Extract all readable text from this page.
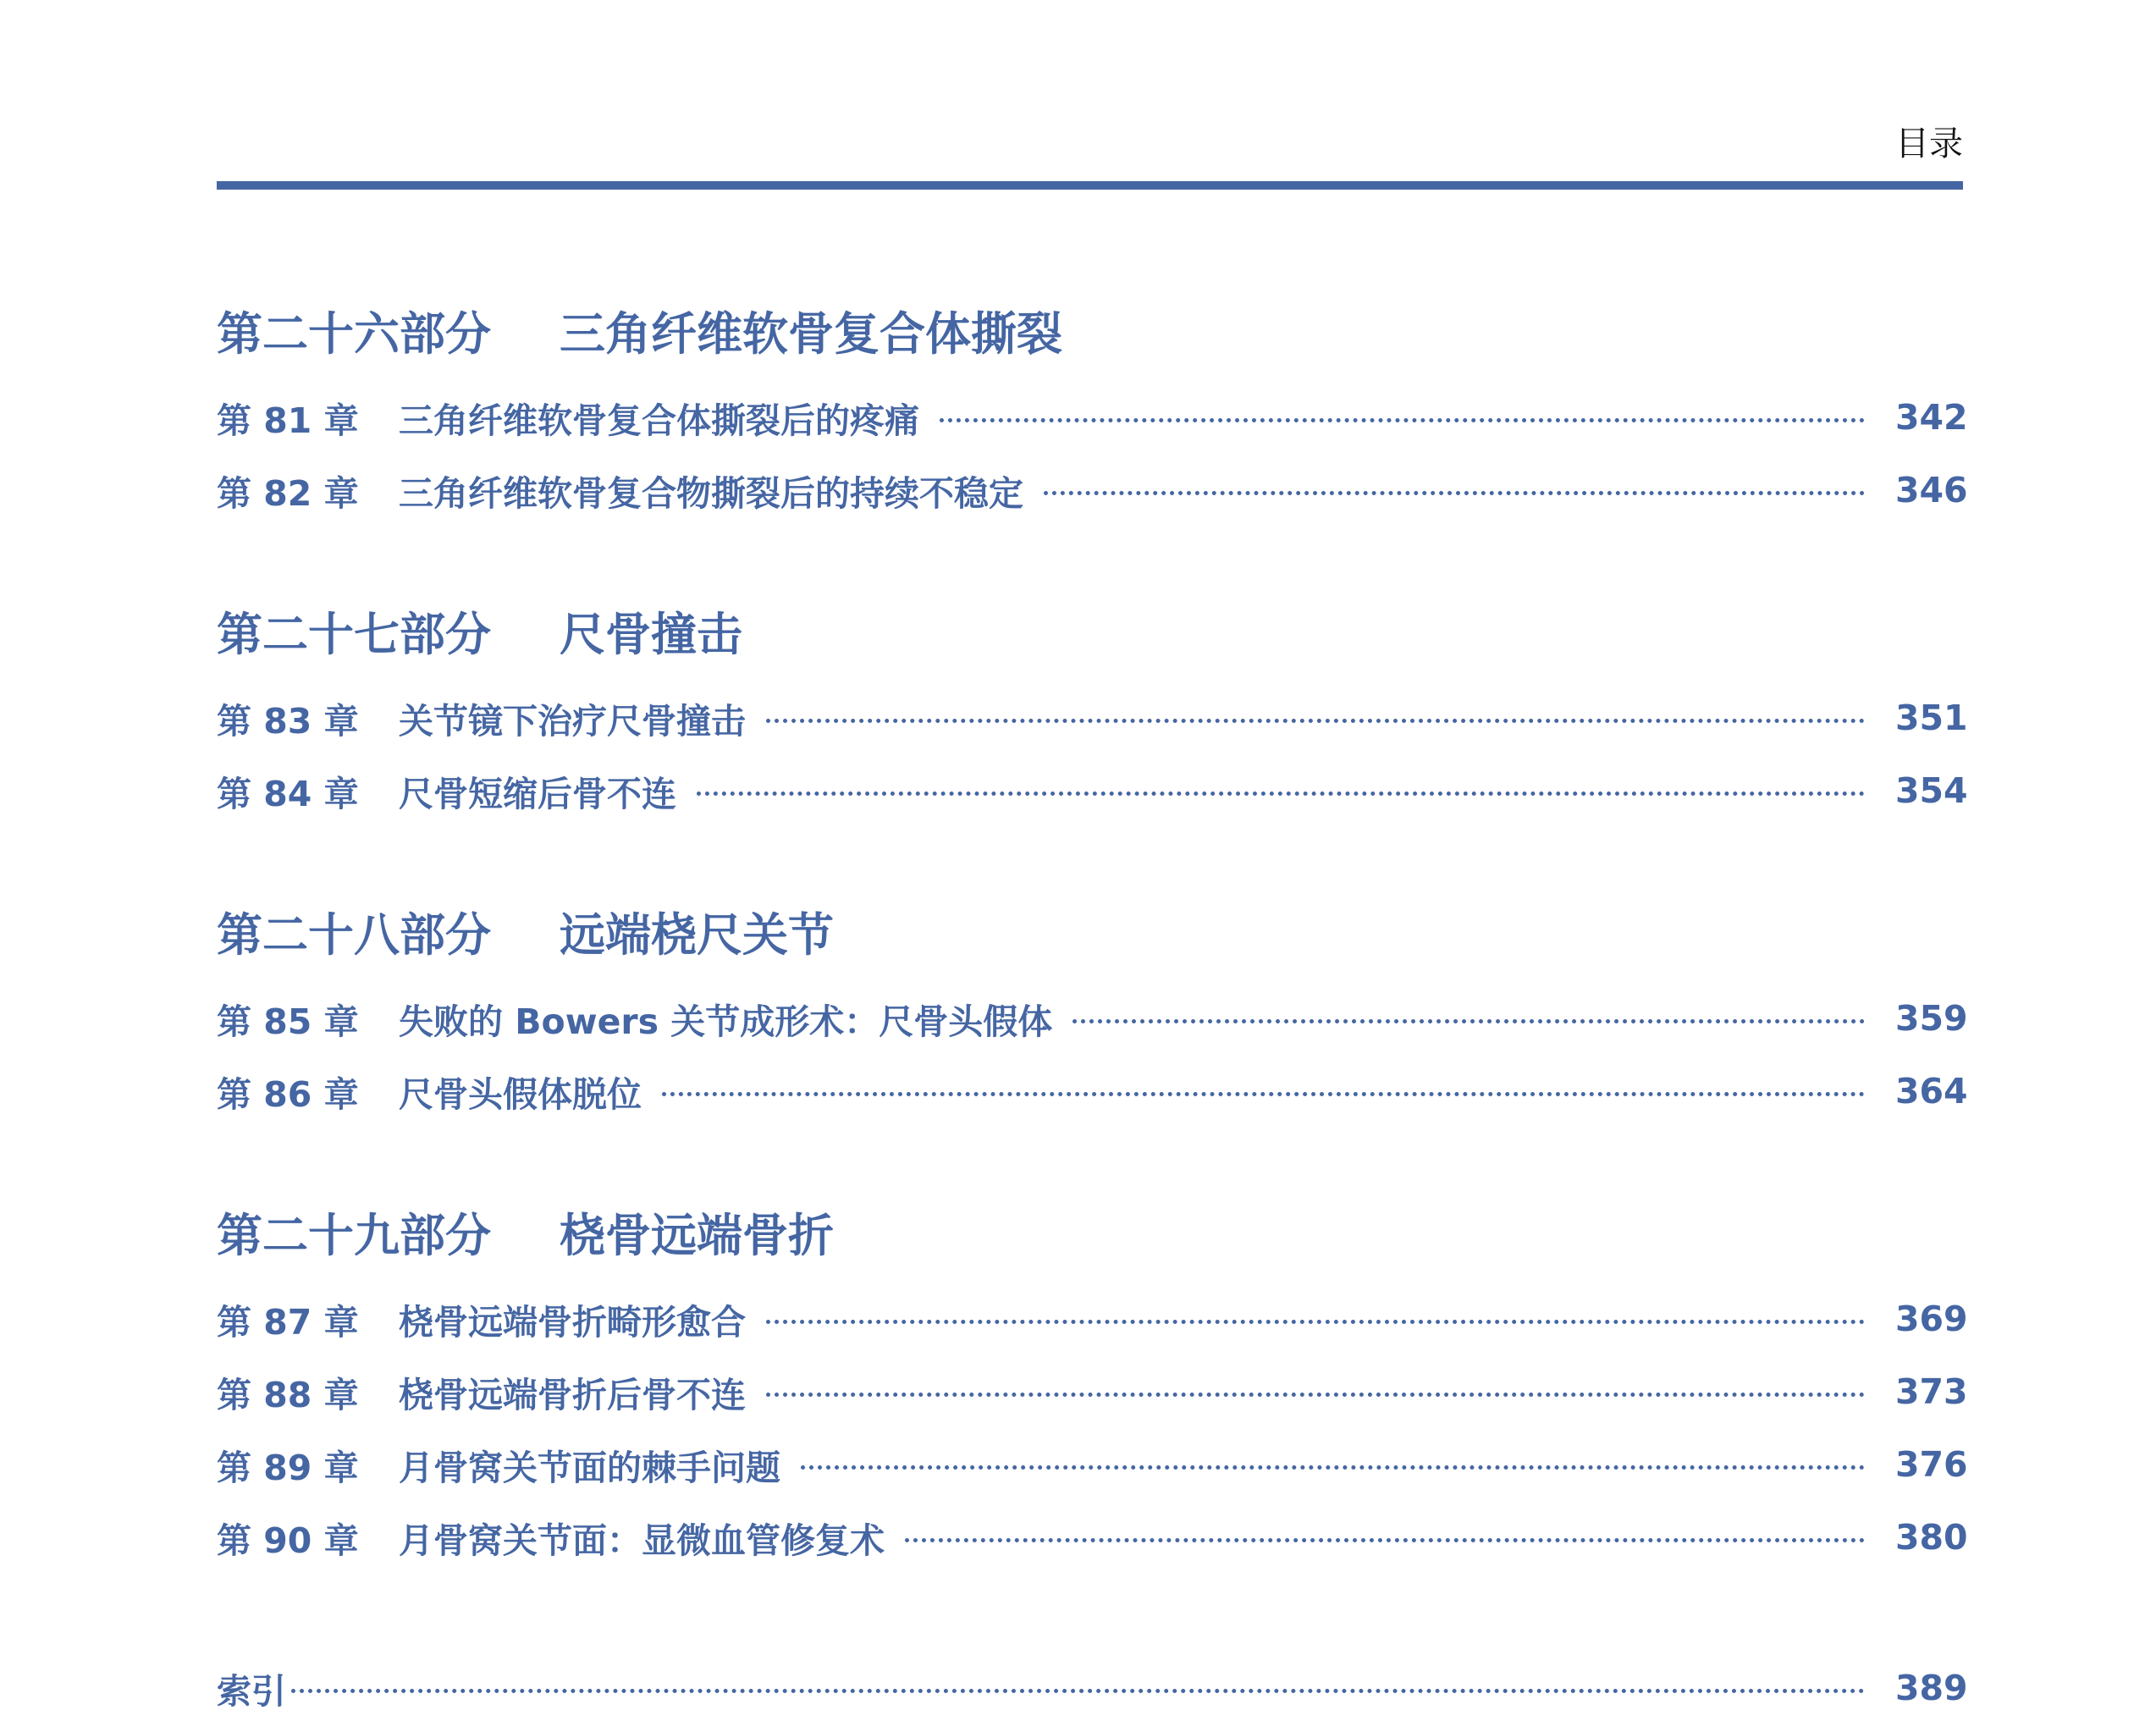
目录
第二十六部分	三角纤维软骨复合体撕裂
第 81 章	三角纤维软骨复合体撕裂后的疼痛	342
第 82 章	三角纤维软骨复合物撕裂后的持续不稳定	346
第二十七部分	尺骨撞击
第 83 章	关节镜下治疗尺骨撞击	351
第 84 章	尺骨短缩后骨不连	354
第二十八部分	远端桡尺关节
第 85 章	失败的 Bowers 关节成形术：尺骨头假体	359
第 86 章	尺骨头假体脱位	364
第二十九部分	桡骨远端骨折
第 87 章	桡骨远端骨折畸形愈合	369
第 88 章	桡骨远端骨折后骨不连	373
第 89 章	月骨窝关节面的棘手问题	376
第 90 章	月骨窝关节面：显微血管修复术	380
索引	389
